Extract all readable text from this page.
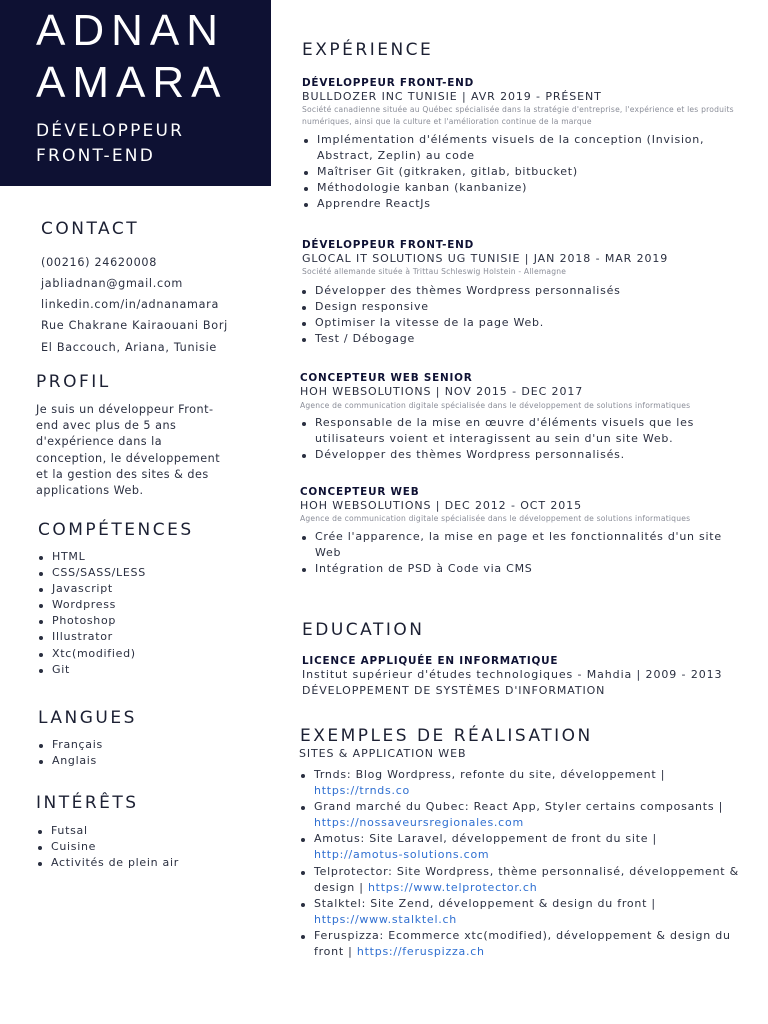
ADNAN
AMARA
DÉVELOPPEUR
FRONT-END
CONTACT
(00216) 24620008
jabliadnan@gmail.com
linkedin.com/in/adnanamara
Rue Chakrane Kairaouani Borj
El Baccouch, Ariana, Tunisie
PROFIL
Je suis un développeur Front-end avec plus de 5 ans d'expérience dans la conception, le développement et la gestion des sites & des applications Web.
COMPÉTENCES
HTML
CSS/SASS/LESS
Javascript
Wordpress
Photoshop
Illustrator
Xtc(modified)
Git
LANGUES
Français
Anglais
INTÉRÊTS
Futsal
Cuisine
Activités de plein air
EXPÉRIENCE
DÉVELOPPEUR FRONT-END
BULLDOZER INC TUNISIE | AVR 2019 - PRÉSENT
Société canadienne située au Québec spécialisée dans la stratégie d'entreprise, l'expérience et les produits numériques, ainsi que la culture et l'amélioration continue de la marque
Implémentation d'éléments visuels de la conception (Invision, Abstract, Zeplin) au code
Maîtriser Git (gitkraken, gitlab, bitbucket)
Méthodologie kanban (kanbanize)
Apprendre ReactJs
DÉVELOPPEUR FRONT-END
GLOCAL IT SOLUTIONS UG TUNISIE | JAN 2018 - MAR 2019
Société allemande située à Trittau Schleswig Holstein - Allemagne
Développer des thèmes Wordpress personnalisés
Design responsive
Optimiser la vitesse de la page Web.
Test / Débogage
CONCEPTEUR WEB SENIOR
HOH WEBSOLUTIONS | NOV 2015 - DEC 2017
Agence de communication digitale spécialisée dans le développement de solutions informatiques
Responsable de la mise en œuvre d'éléments visuels que les utilisateurs voient et interagissent au sein d'un site Web.
Développer des thèmes Wordpress personnalisés.
CONCEPTEUR WEB
HOH WEBSOLUTIONS | DEC 2012 - OCT 2015
Agence de communication digitale spécialisée dans le développement de solutions informatiques
Crée l'apparence, la mise en page et les fonctionnalités d'un site Web
Intégration de PSD à Code via CMS
EDUCATION
LICENCE APPLIQUÉE EN INFORMATIQUE
Institut supérieur d'études technologiques - Mahdia | 2009 - 2013
DÉVELOPPEMENT DE SYSTÈMES D'INFORMATION
EXEMPLES DE RÉALISATION
SITES & APPLICATION WEB
Trnds: Blog Wordpress, refonte du site, développement | https://trnds.co
Grand marché du Qubec: React App, Styler certains composants | https://nossaveursregionales.com
Amotus: Site Laravel, développement de front du site | http://amotus-solutions.com
Telprotector: Site Wordpress, thème personnalisé, développement & design | https://www.telprotector.ch
Stalktel: Site Zend, développement & design du front | https://www.stalktel.ch
Feruspizza: Ecommerce xtc(modified), développement & design du front | https://feruspizza.ch
